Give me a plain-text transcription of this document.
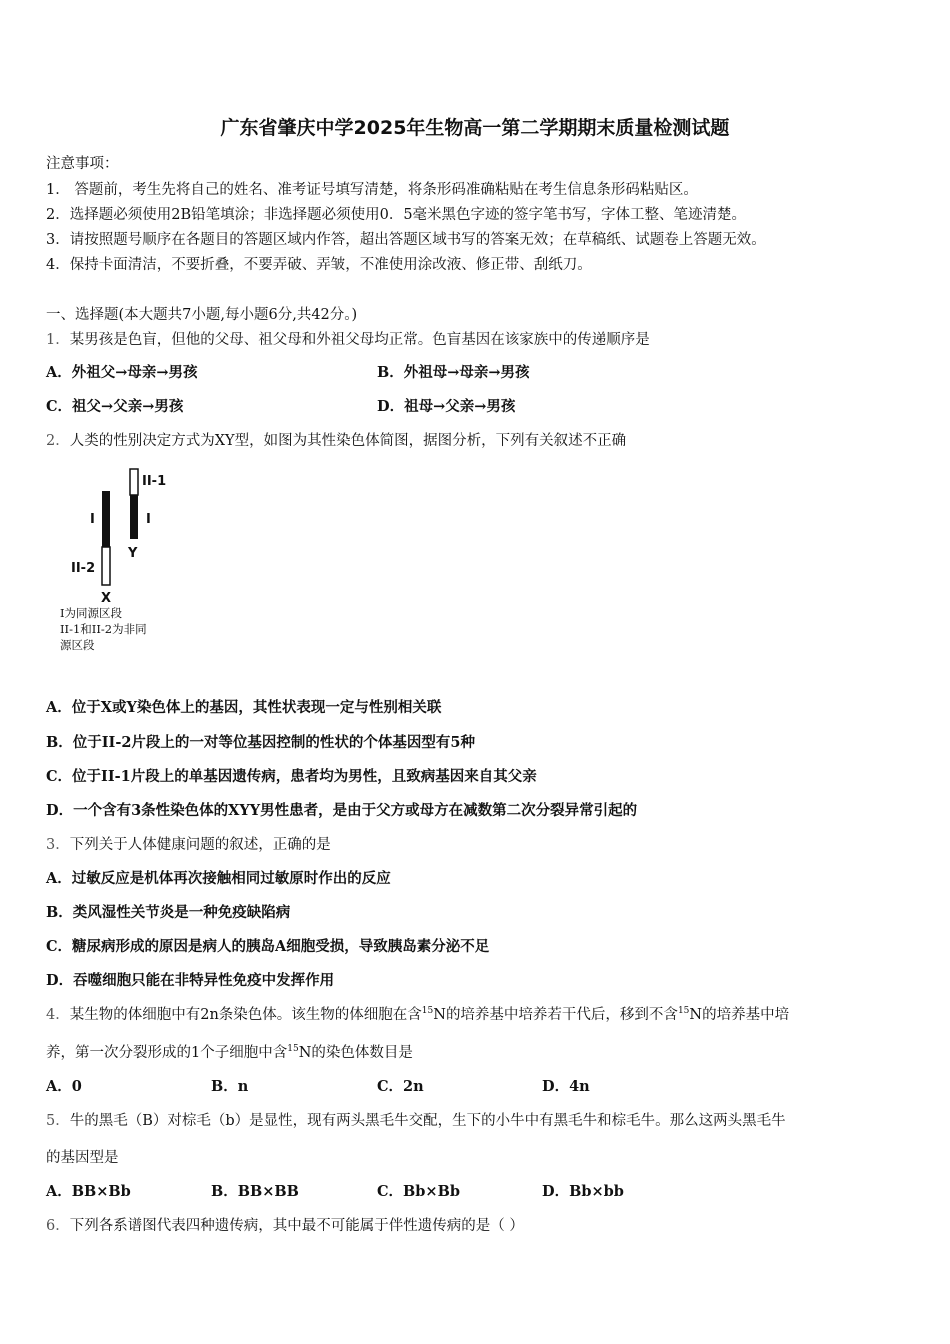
广东省肇庆中学2025年生物高一第二学期期末质量检测试题
注意事项：
1． 答题前，考生先将自己的姓名、准考证号填写清楚，将条形码准确粘贴在考生信息条形码粘贴区。
2．选择题必须使用2B铅笔填涂；非选择题必须使用0．5毫米黑色字迹的签字笔书写，字体工整、笔迹清楚。
3．请按照题号顺序在各题目的答题区域内作答，超出答题区域书写的答案无效；在草稿纸、试题卷上答题无效。
4．保持卡面清洁，不要折叠，不要弄破、弄皱，不准使用涂改液、修正带、刮纸刀。
一、选择题(本大题共7小题,每小题6分,共42分。)
1．某男孩是色盲，但他的父母、祖父母和外祖父母均正常。色盲基因在该家族中的传递顺序是
A．外祖父→母亲→男孩	B．外祖母→母亲→男孩
C．祖父→父亲→男孩	D．祖母→父亲→男孩
2．人类的性别决定方式为XY型，如图为其性染色体简图，据图分析，下列有关叙述不正确
II-1
I	I
II-2
Y
X
I为同源区段
II-1和II-2为非同
源区段
A．位于X或Y染色体上的基因，其性状表现一定与性别相关联
B．位于II-2片段上的一对等位基因控制的性状的个体基因型有5种
C．位于II-1片段上的单基因遗传病，患者均为男性，且致病基因来自其父亲
D．一个含有3条性染色体的XYY男性患者，是由于父方或母方在减数第二次分裂异常引起的
3．下列关于人体健康问题的叙述，正确的是
A．过敏反应是机体再次接触相同过敏原时作出的反应
B．类风湿性关节炎是一种免疫缺陷病
C．糖尿病形成的原因是病人的胰岛A细胞受损，导致胰岛素分泌不足
D．吞噬细胞只能在非特异性免疫中发挥作用
4．某生物的体细胞中有2n条染色体。该生物的体细胞在含$^{15}$N的培养基中培养若干代后，移到不含$^{15}$N的培养基中培
养，第一次分裂形成的1个子细胞中含$^{15}$N的染色体数目是
A．0	B．n	C．2n	D．4n
5．牛的黑毛（B）对棕毛（b）是显性，现有两头黑毛牛交配，生下的小牛中有黑毛牛和棕毛牛。那么这两头黑毛牛
的基因型是
A．BB×Bb	B．BB×BB	C．Bb×Bb	D．Bb×bb
6．下列各系谱图代表四种遗传病，其中最不可能属于伴性遗传病的是（ ）
